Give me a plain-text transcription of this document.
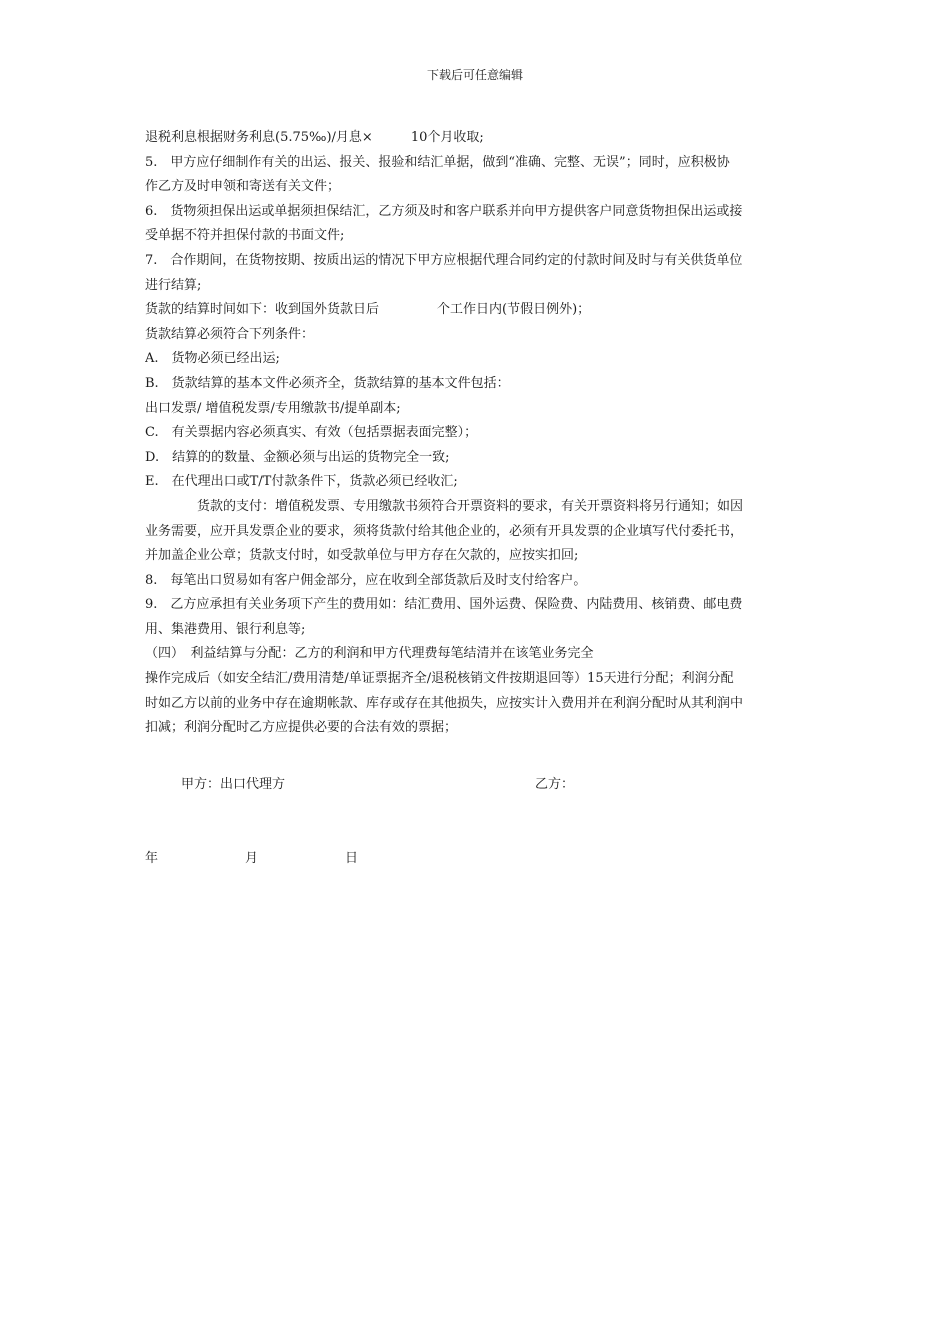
下载后可任意编辑
退税利息根据财务利息(5.75‰)/月息×	10个月收取;
5.　甲方应仔细制作有关的出运、报关、报验和结汇单据，做到“准确、完整、无误”；同时，应积极协
作乙方及时申领和寄送有关文件；
6.　货物须担保出运或单据须担保结汇，乙方须及时和客户联系并向甲方提供客户同意货物担保出运或接
受单据不符并担保付款的书面文件;
7.　合作期间，在货物按期、按质出运的情况下甲方应根据代理合同约定的付款时间及时与有关供货单位
进行结算;
货款的结算时间如下：收到国外货款日后	个工作日内(节假日例外)；
货款结算必须符合下列条件：
A.　货物必须已经出运;
B.　货款结算的基本文件必须齐全，货款结算的基本文件包括：
出口发票/ 增值税发票/专用缴款书/提单副本;
C.　有关票据内容必须真实、有效（包括票据表面完整）；
D.　结算的的数量、金额必须与出运的货物完全一致;
E.　在代理出口或T/T付款条件下，货款必须已经收汇;
　　　　货款的支付：增值税发票、专用缴款书须符合开票资料的要求，有关开票资料将另行通知；如因
业务需要，应开具发票企业的要求，须将货款付给其他企业的，必须有开具发票的企业填写代付委托书，
并加盖企业公章；货款支付时，如受款单位与甲方存在欠款的，应按实扣回;
8.　每笔出口贸易如有客户佣金部分，应在收到全部货款后及时支付给客户。
9.　乙方应承担有关业务项下产生的费用如：结汇费用、国外运费、保险费、内陆费用、核销费、邮电费
用、集港费用、银行利息等;
（四）　利益结算与分配：乙方的利润和甲方代理费每笔结清并在该笔业务完全
操作完成后（如安全结汇/费用清楚/单证票据齐全/退税核销文件按期退回等）15天进行分配；利润分配
时如乙方以前的业务中存在逾期帐款、库存或存在其他损失，应按实计入费用并在利润分配时从其利润中
扣减；利润分配时乙方应提供必要的合法有效的票据；
甲方：出口代理方	乙方：
年	月	日
